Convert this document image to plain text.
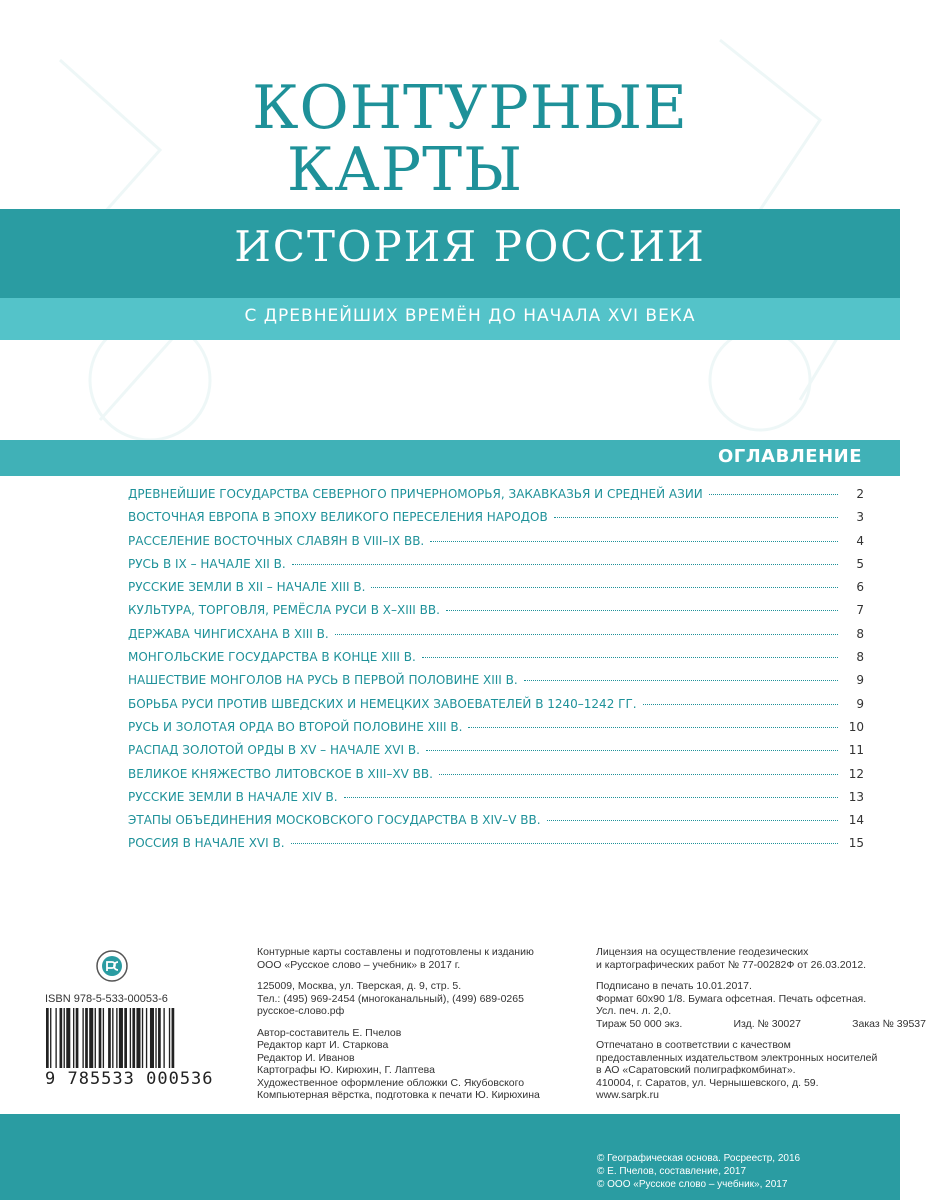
КОНТУРНЫЕ
КАРТЫ
ИСТОРИЯ РОССИИ
С ДРЕВНЕЙШИХ ВРЕМЁН ДО НАЧАЛА XVI ВЕКА
ОГЛАВЛЕНИЕ
ДРЕВНЕЙШИЕ ГОСУДАРСТВА СЕВЕРНОГО ПРИЧЕРНОМОРЬЯ, ЗАКАВКАЗЬЯ И СРЕДНЕЙ АЗИИ	2
ВОСТОЧНАЯ ЕВРОПА В ЭПОХУ ВЕЛИКОГО ПЕРЕСЕЛЕНИЯ НАРОДОВ	3
РАССЕЛЕНИЕ ВОСТОЧНЫХ СЛАВЯН В VIII–IX ВВ.	4
РУСЬ В IX – НАЧАЛЕ XII В.	5
РУССКИЕ ЗЕМЛИ В XII – НАЧАЛЕ XIII В.	6
КУЛЬТУРА, ТОРГОВЛЯ, РЕМЁСЛА РУСИ В X–XIII ВВ.	7
ДЕРЖАВА ЧИНГИСХАНА В XIII В.	8
МОНГОЛЬСКИЕ ГОСУДАРСТВА В КОНЦЕ XIII В.	8
НАШЕСТВИЕ МОНГОЛОВ НА РУСЬ В ПЕРВОЙ ПОЛОВИНЕ XIII В.	9
БОРЬБА РУСИ ПРОТИВ ШВЕДСКИХ И НЕМЕЦКИХ ЗАВОЕВАТЕЛЕЙ В 1240–1242 ГГ.	9
РУСЬ И ЗОЛОТАЯ ОРДА ВО ВТОРОЙ ПОЛОВИНЕ XIII В.	10
РАСПАД ЗОЛОТОЙ ОРДЫ В XV – НАЧАЛЕ XVI В.	11
ВЕЛИКОЕ КНЯЖЕСТВО ЛИТОВСКОЕ В XIII–XV ВВ.	12
РУССКИЕ ЗЕМЛИ В НАЧАЛЕ XIV В.	13
ЭТАПЫ ОБЪЕДИНЕНИЯ МОСКОВСКОГО ГОСУДАРСТВА В XIV–V ВВ.	14
РОССИЯ В НАЧАЛЕ XVI В.	15
ISBN 978-5-533-00053-6
9 785533 000536
Контурные карты составлены и подготовлены к изданию
ООО «Русское слово – учебник» в 2017 г.
125009, Москва, ул. Тверская, д. 9, стр. 5.
Тел.: (495) 969-2454 (многоканальный), (499) 689-0265
русское-слово.рф
Автор-составитель Е. Пчелов
Редактор карт И. Старкова
Редактор И. Иванов
Картографы Ю. Кирюхин, Г. Лаптева
Художественное оформление обложки С. Якубовского
Компьютерная вёрстка, подготовка к печати Ю. Кирюхина
Лицензия на осуществление геодезических
и картографических работ № 77-00282Ф от 26.03.2012.
Подписано в печать 10.01.2017.
Формат 60х90 1/8. Бумага офсетная. Печать офсетная.
Усл. печ. л. 2,0.
Тираж 50 000 экз.	Изд. № 30027	Заказ № 39537
Отпечатано в соответствии с качеством
предоставленных издательством электронных носителей
в АО «Саратовский полиграфкомбинат».
410004, г. Саратов, ул. Чернышевского, д. 59.
www.sarpk.ru
© Географическая основа. Росреестр, 2016
© Е. Пчелов, составление, 2017
© ООО «Русское слово – учебник», 2017
